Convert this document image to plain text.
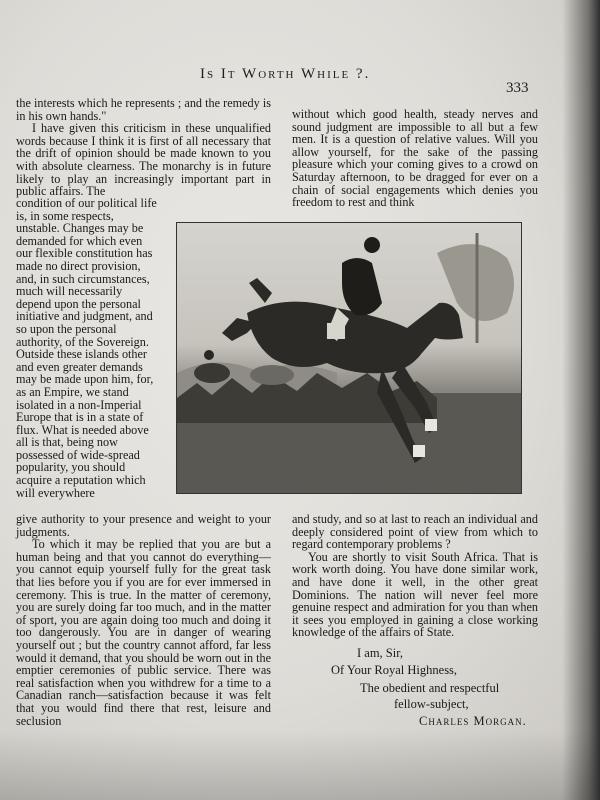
Is It Worth While ?.
333

the interests which he represents ; and the remedy is in his own hands."

I have given this criticism in these unqualified words because I think it is first of all necessary that the drift of opinion should be made known to you with absolute clearness. The monarchy is in future likely to play an increasingly important part in public affairs. The

without which good health, steady nerves and sound judgment are impossible to all but a few men. It is a question of relative values. Will you allow yourself, for the sake of the passing pleasure which your coming gives to a crowd on Saturday afternoon, to be dragged for ever on a chain of social engagements which denies you freedom to rest and think

condition of our political life is, in some respects, unstable. Changes may be demanded for which even our flexible constitution has made no direct provision, and, in such circumstances, much will necessarily depend upon the personal initiative and judgment, and so upon the personal authority, of the Sovereign. Outside these islands other and even greater demands may be made upon him, for, as an Empire, we stand isolated in a non-Imperial Europe that is in a state of flux. What is needed above all is that, being now possessed of wide-spread popularity, you should acquire a reputation which will everywhere

give authority to your presence and weight to your judgments.

To which it may be replied that you are but a human being and that you cannot do everything—you cannot equip yourself fully for the great task that lies before you if you are for ever immersed in ceremony. This is true. In the matter of ceremony, you are surely doing far too much, and in the matter of sport, you are again doing too much and doing it too dangerously. You are in danger of wearing yourself out ; but the country cannot afford, far less would it demand, that you should be worn out in the emptier ceremonies of public service. There was real satisfaction when you withdrew for a time to a Canadian ranch—satisfaction because it was felt that you would find there that rest, leisure and seclusion

and study, and so at last to reach an individual and deeply considered point of view from which to regard contemporary problems ?

You are shortly to visit South Africa. That is work worth doing. You have done similar work, and have done it well, in the other great Dominions. The nation will never feel more genuine respect and admiration for you than when it sees you employed in gaining a close working knowledge of the affairs of State.

I am, Sir,
Of Your Royal Highness,
The obedient and respectful
fellow-subject,
Charles Morgan.
